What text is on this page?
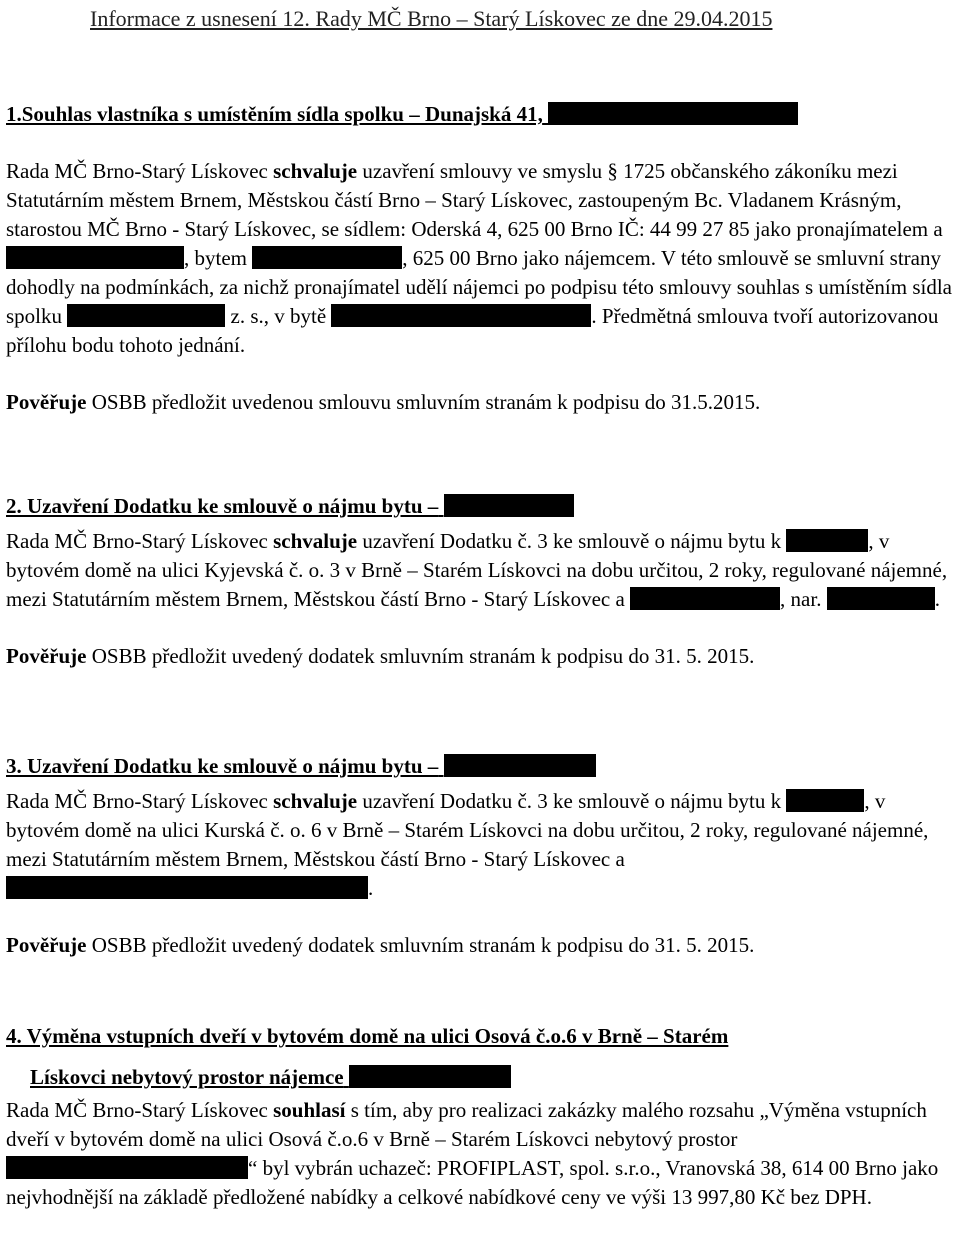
Informace z usnesení 12. Rady MČ Brno – Starý Lískovec ze dne 29.04.2015
1.Souhlas vlastníka s umístěním sídla spolku – Dunajská 41,

Rada MČ Brno-Starý Lískovec schvaluje uzavření smlouvy ve smyslu § 1725 občanského zákoníku mezi Statutárním městem Brnem, Městskou částí Brno – Starý Lískovec, zastoupeným Bc. Vladanem Krásným, starostou MČ Brno - Starý Lískovec, se sídlem: Oderská 4, 625 00 Brno IČ: 44 99 27 85 jako pronajímatelem a , bytem	, 625 00 Brno jako nájemcem. V této smlouvě se smluvní strany dohodly na podmínkách, za nichž pronajímatel udělí nájemci po podpisu této smlouvy souhlas s umístěním sídla spolku	z. s., v bytě	. Předmětná smlouva tvoří autorizovanou přílohu bodu tohoto jednání.

Pověřuje OSBB předložit uvedenou smlouvu smluvním stranám k podpisu do 31.5.2015.

2. Uzavření Dodatku ke smlouvě o nájmu bytu –

Rada MČ Brno-Starý Lískovec schvaluje uzavření Dodatku č. 3 ke smlouvě o nájmu bytu k	, v bytovém domě na ulici Kyjevská č. o. 3 v Brně – Starém Lískovci na dobu určitou, 2 roky, regulované nájemné, mezi Statutárním městem Brnem, Městskou částí Brno - Starý Lískovec a	, nar.	.

Pověřuje OSBB předložit uvedený dodatek smluvním stranám k podpisu do 31. 5. 2015.

3. Uzavření Dodatku ke smlouvě o nájmu bytu –

Rada MČ Brno-Starý Lískovec schvaluje uzavření Dodatku č. 3 ke smlouvě o nájmu bytu k	, v bytovém domě na ulici Kurská č. o. 6 v Brně – Starém Lískovci na dobu určitou, 2 roky, regulované nájemné, mezi Statutárním městem Brnem, Městskou částí Brno - Starý Lískovec a .

Pověřuje OSBB předložit uvedený dodatek smluvním stranám k podpisu do 31. 5. 2015.

4. Výměna vstupních dveří v bytovém domě na ulici Osová č.o.6 v Brně – Starém
Lískovci nebytový prostor nájemce

Rada MČ Brno-Starý Lískovec souhlasí s tím, aby pro realizaci zakázky malého rozsahu „Výměna vstupních dveří v bytovém domě na ulici Osová č.o.6 v Brně – Starém Lískovci nebytový prostor “ byl vybrán uchazeč: PROFIPLAST, spol. s.r.o., Vranovská 38, 614 00 Brno jako nejvhodnější na základě předložené nabídky a celkové nabídkové ceny ve výši 13 997,80 Kč bez DPH.
